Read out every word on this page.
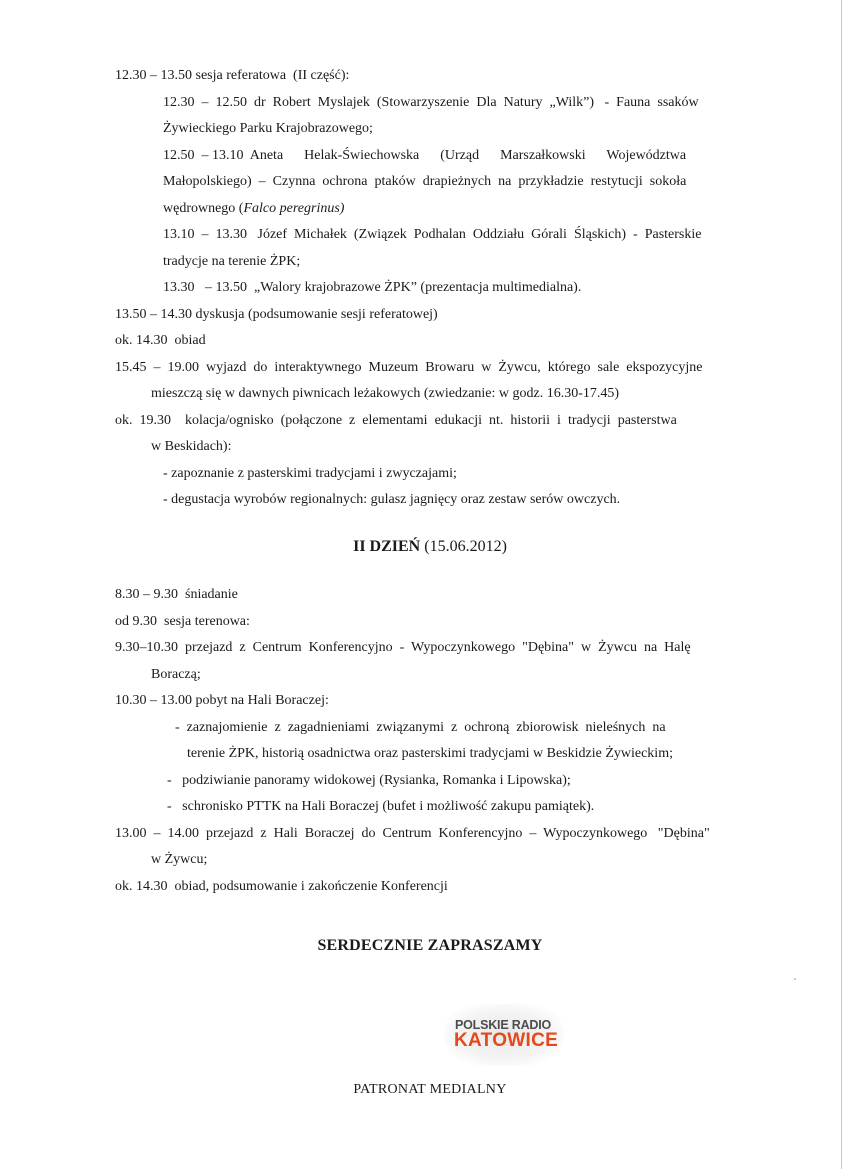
12.30 – 13.50 sesja referatowa  (II część):
12.30  –  12.50  dr  Robert  Myslajek  (Stowarzyszenie  Dla  Natury  „Wilk”)   -  Fauna  ssaków
Żywieckiego Parku Krajobrazowego;
12.50  – 13.10  Aneta      Helak-Świechowska      (Urząd      Marszałkowski      Województwa
Małopolskiego)  –  Czynna  ochrona  ptaków  drapieżnych  na  przykładzie  restytucji  sokoła
wędrownego (Falco peregrinus)
13.10  –  13.30   Józef  Michałek  (Związek  Podhalan  Oddziału  Górali  Śląskich)  -  Pasterskie
tradycje na terenie ŻPK;
13.30   – 13.50  „Walory krajobrazowe ŻPK” (prezentacja multimedialna).
13.50 – 14.30 dyskusja (podsumowanie sesji referatowej)
ok. 14.30  obiad
15.45  –  19.00  wyjazd  do  interaktywnego  Muzeum  Browaru  w  Żywcu,  którego  sale  ekspozycyjne
mieszczą się w dawnych piwnicach leżakowych (zwiedzanie: w godz. 16.30-17.45)
ok.  19.30    kolacja/ognisko  (połączone  z  elementami  edukacji  nt.  historii  i  tradycji  pasterstwa
w Beskidach):
- zapoznanie z pasterskimi tradycjami i zwyczajami;
- degustacja wyrobów regionalnych: gulasz jagnięcy oraz zestaw serów owczych.
II DZIEŃ (15.06.2012)
8.30 – 9.30  śniadanie
od 9.30  sesja terenowa:
9.30–10.30  przejazd  z  Centrum  Konferencyjno  -  Wypoczynkowego  "Dębina"  w  Żywcu  na  Halę
Boraczą;
10.30 – 13.00 pobyt na Hali Boraczej:
-  zaznajomienie  z  zagadnieniami  związanymi  z  ochroną  zbiorowisk  nieleśnych  na
terenie ŻPK, historią osadnictwa oraz pasterskimi tradycjami w Beskidzie Żywieckim;
-   podziwianie panoramy widokowej (Rysianka, Romanka i Lipowska);
-   schronisko PTTK na Hali Boraczej (bufet i możliwość zakupu pamiątek).
13.00  –  14.00  przejazd  z  Hali  Boraczej  do  Centrum  Konferencyjno  –  Wypoczynkowego   "Dębina"
w Żywcu;
ok. 14.30  obiad, podsumowanie i zakończenie Konferencji
SERDECZNIE ZAPRASZAMY
POLSKIE RADIO
KATOWICE
PATRONAT MEDIALNY
